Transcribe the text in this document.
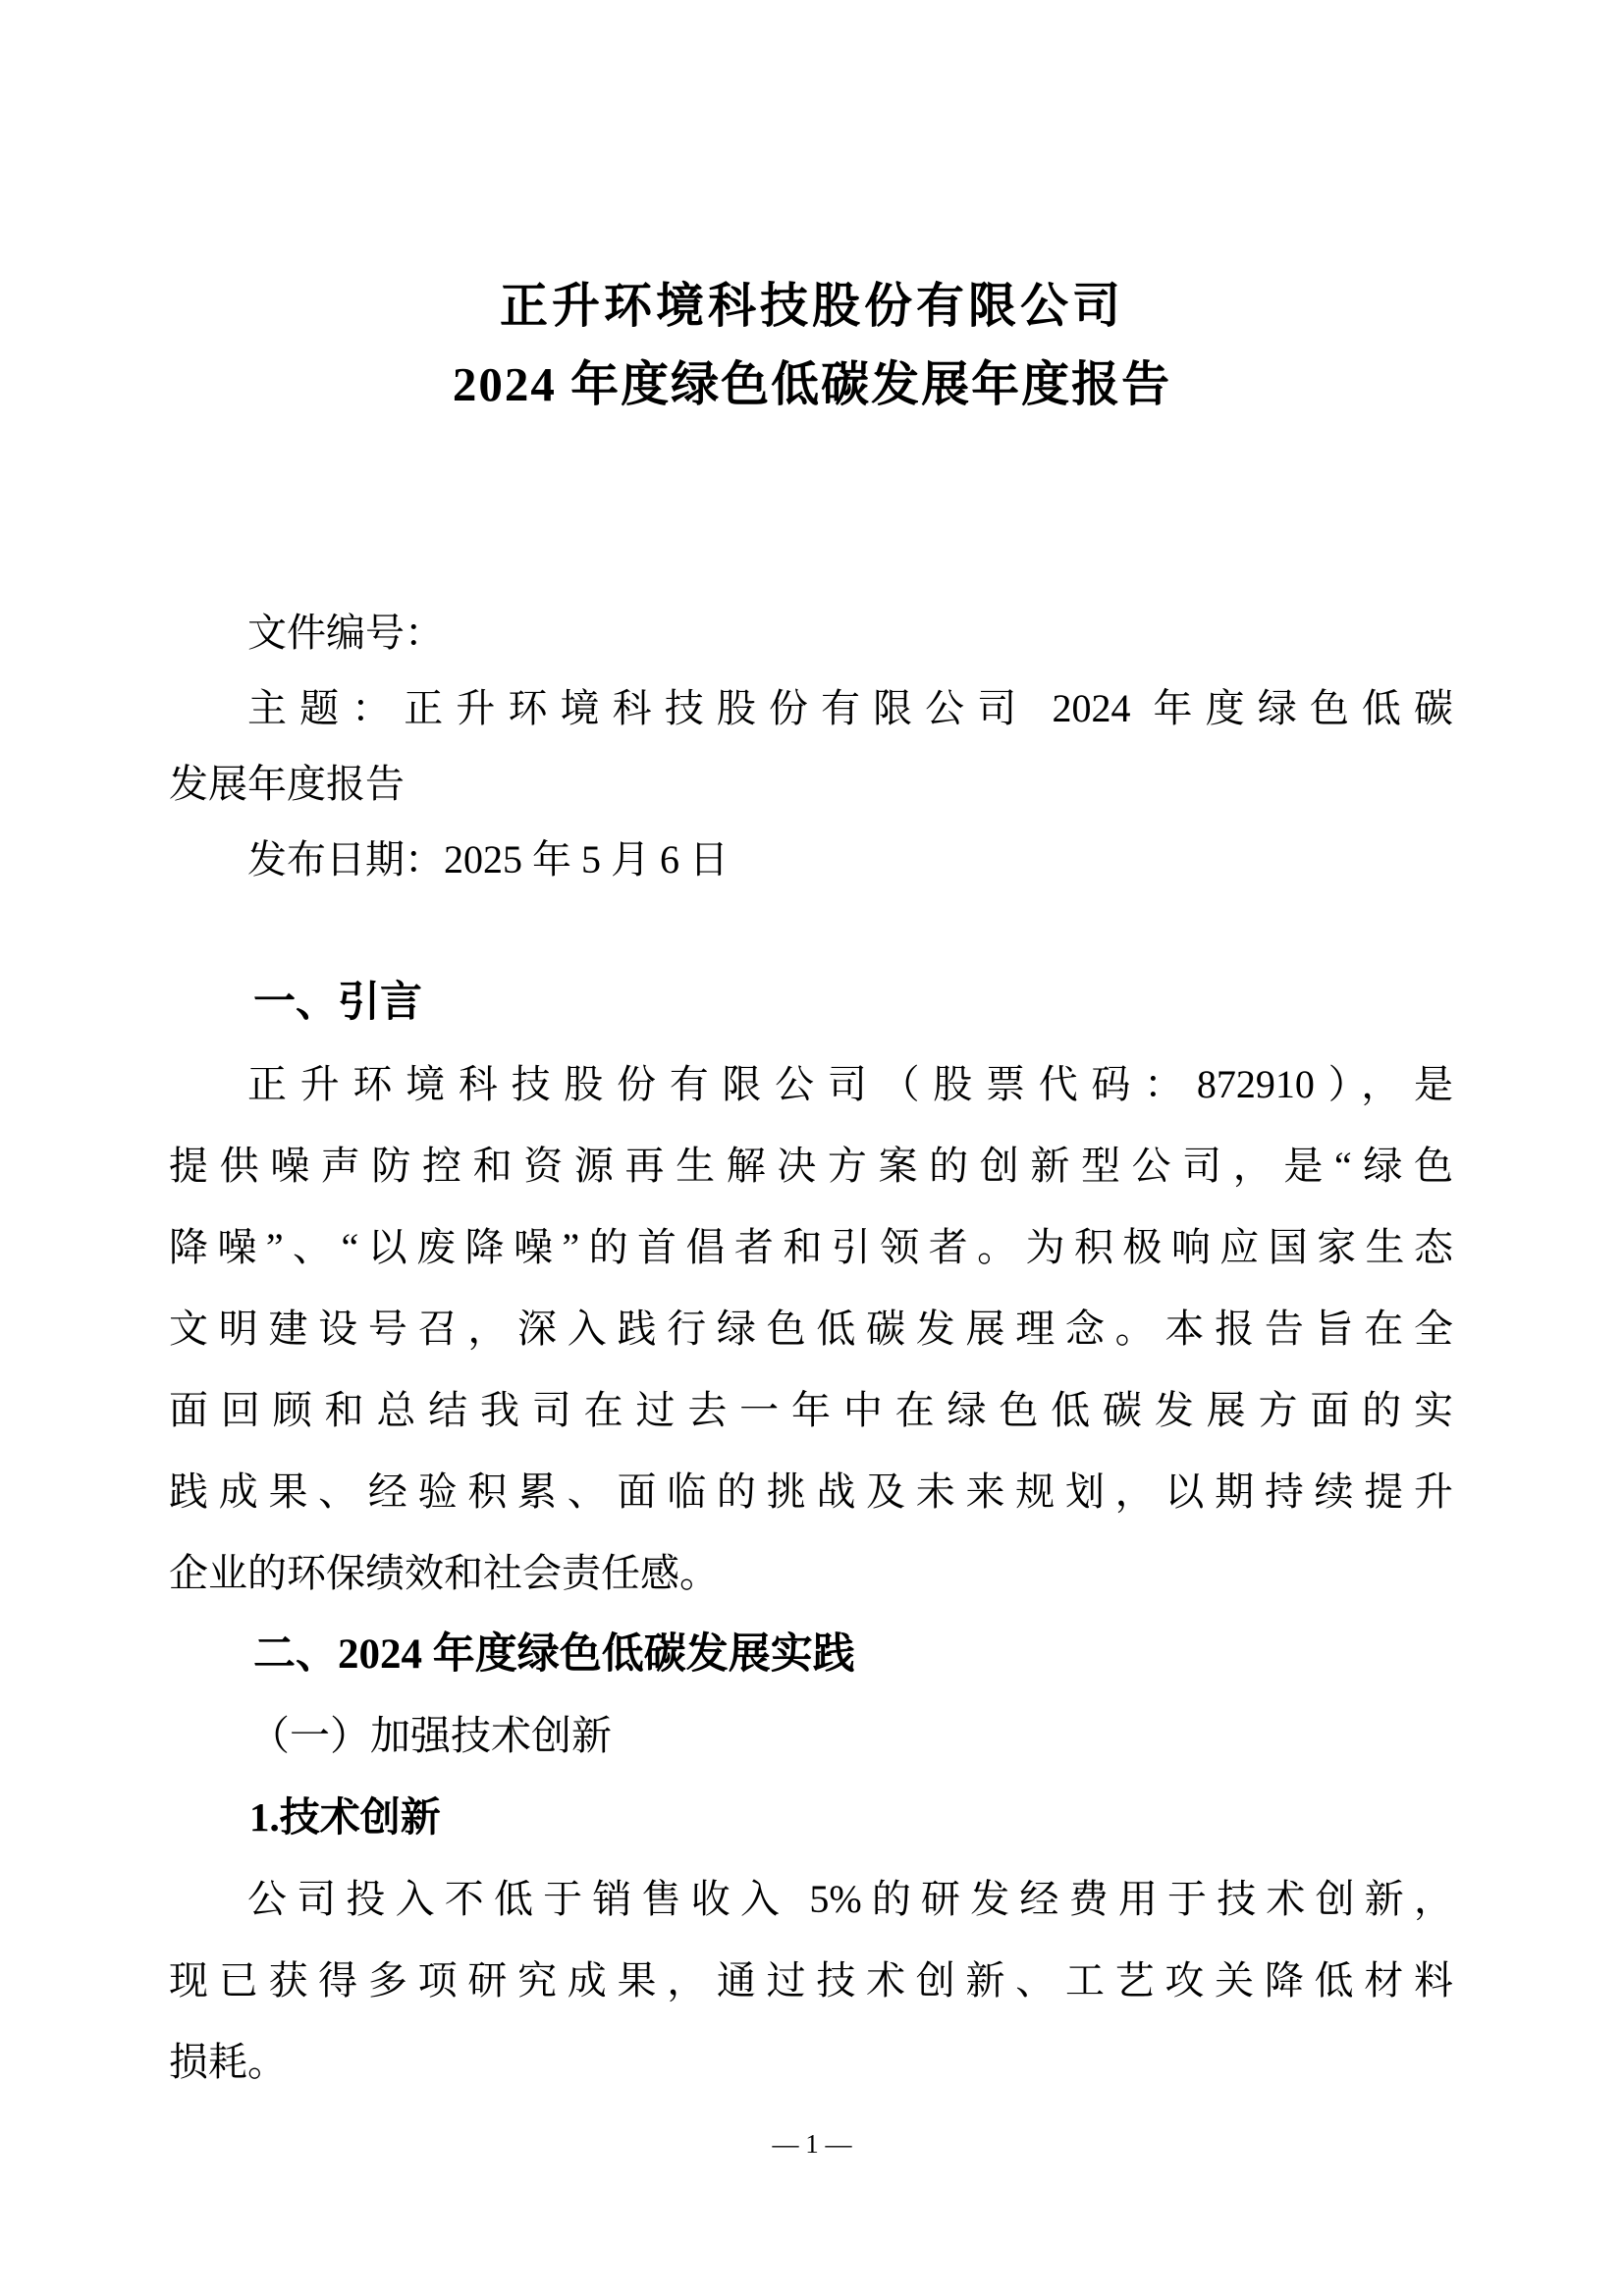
正升环境科技股份有限公司
2024 年度绿色低碳发展年度报告
文件编号：
主题：正升环境科技股份有限公司 2024 年度绿色低碳
发展年度报告
发布日期：2025 年 5 月 6 日
一、引言
正升环境科技股份有限公司（股票代码：872910），是
提供噪声防控和资源再生解决方案的创新型公司，是“绿色
降噪”、“以废降噪”的首倡者和引领者。为积极响应国家生态
文明建设号召，深入践行绿色低碳发展理念。本报告旨在全
面回顾和总结我司在过去一年中在绿色低碳发展方面的实
践成果、经验积累、面临的挑战及未来规划，以期持续提升
企业的环保绩效和社会责任感。
二、2024 年度绿色低碳发展实践
（一）加强技术创新
1.技术创新
公司投入不低于销售收入 5%的研发经费用于技术创新，
现已获得多项研究成果，通过技术创新、工艺攻关降低材料
损耗。
— 1 —
